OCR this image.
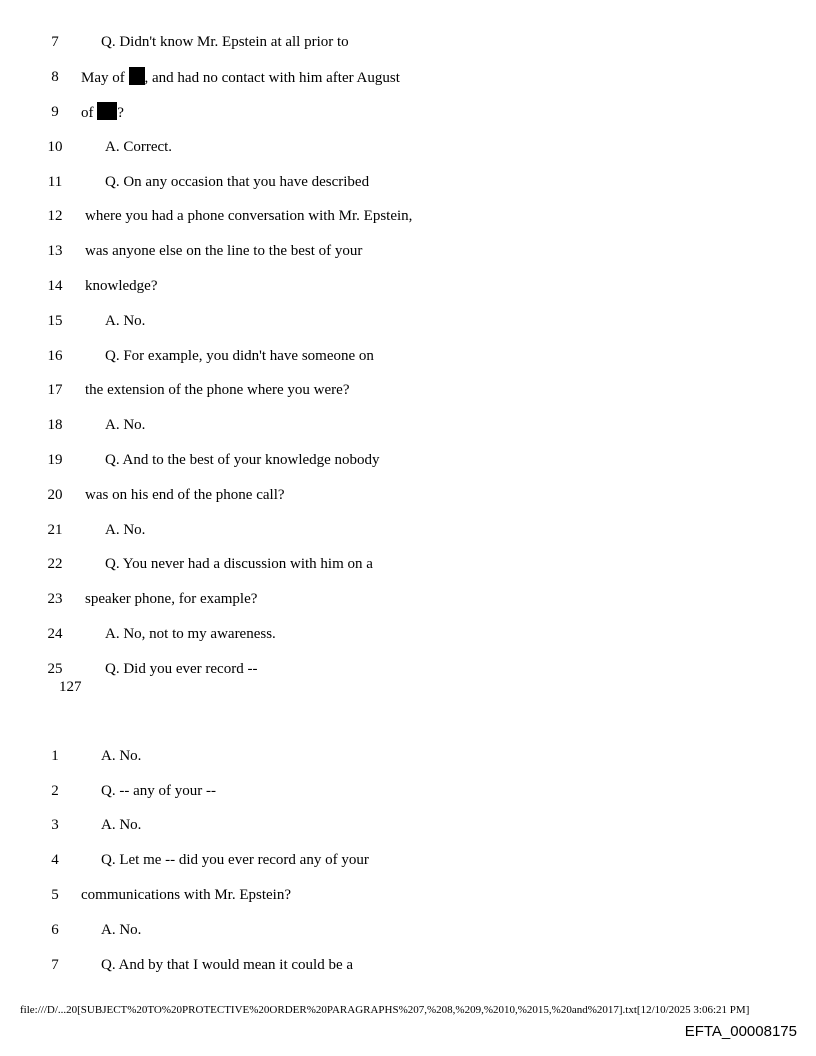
7	Q. Didn't know Mr. Epstein at all prior to
8	May of , and had no contact with him after August
9	of ?
10	A. Correct.
11	Q. On any occasion that you have described
12	where you had a phone conversation with Mr. Epstein,
13	was anyone else on the line to the best of your
14	knowledge?
15	A. No.
16	Q. For example, you didn't have someone on
17	the extension of the phone where you were?
18	A. No.
19	Q. And to the best of your knowledge nobody
20	was on his end of the phone call?
21	A. No.
22	Q. You never had a discussion with him on a
23	speaker phone, for example?
24	A. No, not to my awareness.
25	Q. Did you ever record --
127
1	A. No.
2	Q. -- any of your --
3	A. No.
4	Q. Let me -- did you ever record any of your
5	communications with Mr. Epstein?
6	A. No.
7	Q. And by that I would mean it could be a
file:///D/...20[SUBJECT%20TO%20PROTECTIVE%20ORDER%20PARAGRAPHS%207,%208,%209,%2010,%2015,%20and%2017].txt[12/10/2025 3:06:21 PM]
EFTA_00008175
